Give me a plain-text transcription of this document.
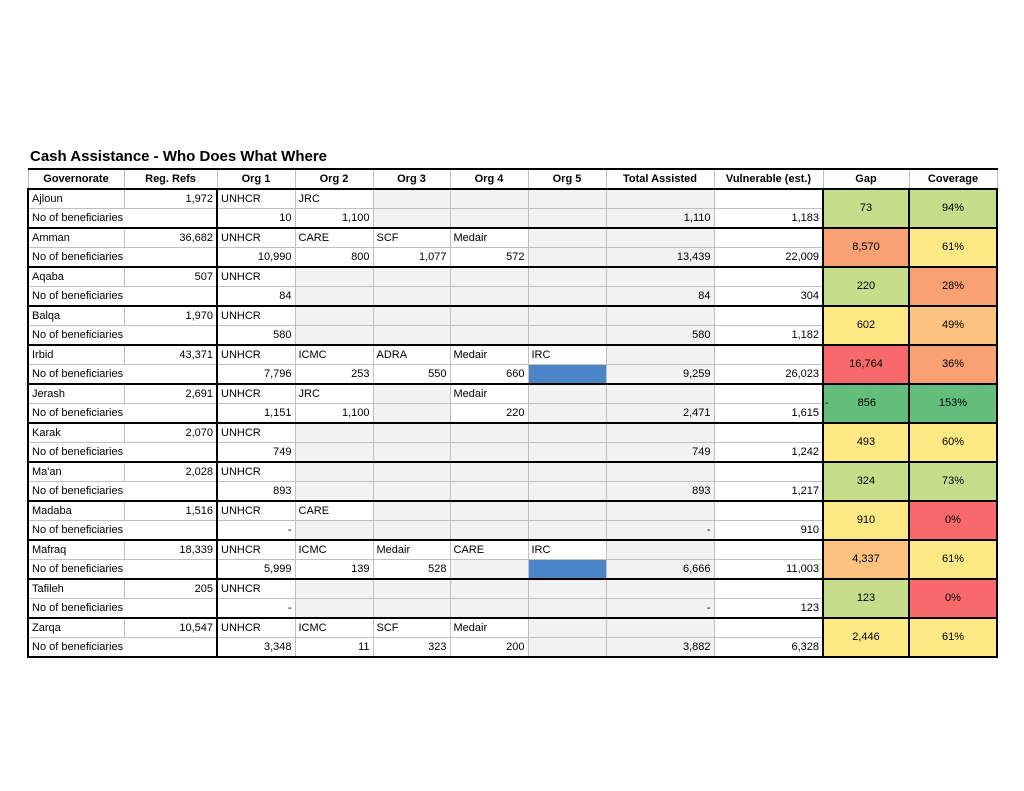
Cash Assistance - Who Does What Where
Governorate	Reg. Refs	Org 1	Org 2	Org 3	Org 4	Org 5	Total Assisted	Vulnerable (est.)	Gap	Coverage
Ajloun	1,972	UNHCR	JRC						73	94%
No of beneficiaries		10	1,100				1,110	1,183		
Amman	36,682	UNHCR	CARE	SCF	Medair				8,570	61%
No of beneficiaries		10,990	800	1,077	572		13,439	22,009		
Aqaba	507	UNHCR							220	28%
No of beneficiaries		84					84	304		
Balqa	1,970	UNHCR							602	49%
No of beneficiaries		580					580	1,182		
Irbid	43,371	UNHCR	ICMC	ADRA	Medair	IRC			16,764	36%
No of beneficiaries		7,796	253	550	660		9,259	26,023		
Jerash	2,691	UNHCR	JRC		Medair				- 856	153%
No of beneficiaries		1,151	1,100		220		2,471	1,615		
Karak	2,070	UNHCR							493	60%
No of beneficiaries		749					749	1,242		
Ma'an	2,028	UNHCR							324	73%
No of beneficiaries		893					893	1,217		
Madaba	1,516	UNHCR	CARE						910	0%
No of beneficiaries		-					-	910		
Mafraq	18,339	UNHCR	ICMC	Medair	CARE	IRC			4,337	61%
No of beneficiaries		5,999	139	528			6,666	11,003		
Tafileh	205	UNHCR							123	0%
No of beneficiaries		-					-	123		
Zarqa	10,547	UNHCR	ICMC	SCF	Medair				2,446	61%
No of beneficiaries		3,348	11	323	200		3,882	6,328		
